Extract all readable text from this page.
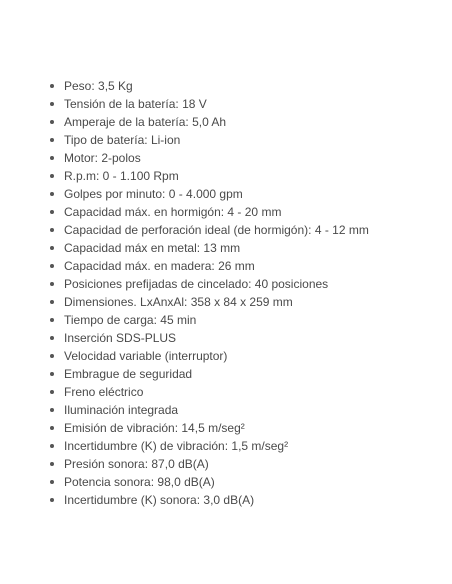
Peso: 3,5 Kg
Tensión de la batería: 18 V
Amperaje de la batería: 5,0 Ah
Tipo de batería: Li-ion
Motor: 2-polos
R.p.m: 0 - 1.100 Rpm
Golpes por minuto: 0 - 4.000 gpm
Capacidad máx. en hormigón: 4 - 20 mm
Capacidad de perforación ideal (de hormigón): 4 - 12 mm
Capacidad máx en metal: 13 mm
Capacidad máx. en madera: 26 mm
Posiciones prefijadas de cincelado: 40 posiciones
Dimensiones. LxAnxAl: 358 x 84 x 259 mm
Tiempo de carga: 45 min
Inserción SDS-PLUS
Velocidad variable (interruptor)
Embrague de seguridad
Freno eléctrico
Iluminación integrada
Emisión de vibración: 14,5 m/seg²
Incertidumbre (K) de vibración: 1,5 m/seg²
Presión sonora: 87,0 dB(A)
Potencia sonora: 98,0 dB(A)
Incertidumbre (K) sonora: 3,0 dB(A)
